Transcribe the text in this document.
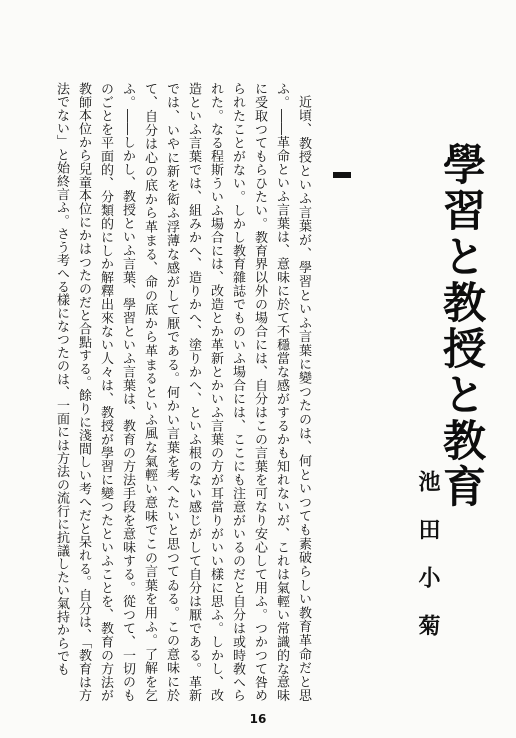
學習と教授と教育
池田小菊

近頃、教授といふ言葉が、學習といふ言葉に變つたのは、何といつても素破らしい教育革命だと思ふ。――革命といふ言葉は、意味に於て不穩當な感がするかも知れないが、これは氣輕い常識的な意味に受取つてもらひたい。教育界以外の場合には、自分はこの言葉を可なり安心して用ふ。つかつて咎められたことがない。しかし教育雜誌でものいふ場合には、ここにも注意がいるのだと自分は或時敎へられた。なる程斯ういふ場合には、改造とか革新とかいふ言葉の方が耳當りがいい樣に思ふ。しかし、改造といふ言葉では、組みかへ、造りかへ、塗りかへ、といふ根のない感じがして自分は厭である。革新では、いやに新を衒ふ浮薄な感がして厭である。何かい言葉を考へたいと思つてゐる。この意味に於て、自分は心の底から革まる、命の底から革まるといふ風な氣輕い意味でこの言葉を用ふ。了解を乞ふ。――しかし、教授といふ言葉、學習といふ言葉は、教育の方法手段を意味する。從つて、一切のものごとを平面的、分類的にしか解釋出來ない人々は、教授が學習に變つたといふことを、教育の方法が教師本位から兒童本位にかはつたのだと合點する。餘りに淺間しい考へだと呆れる。自分は、「教育は方法でない」と始終言ふ。さう考へる樣になつたのは、一面には方法の流行に抗議したい氣持からでも

16
